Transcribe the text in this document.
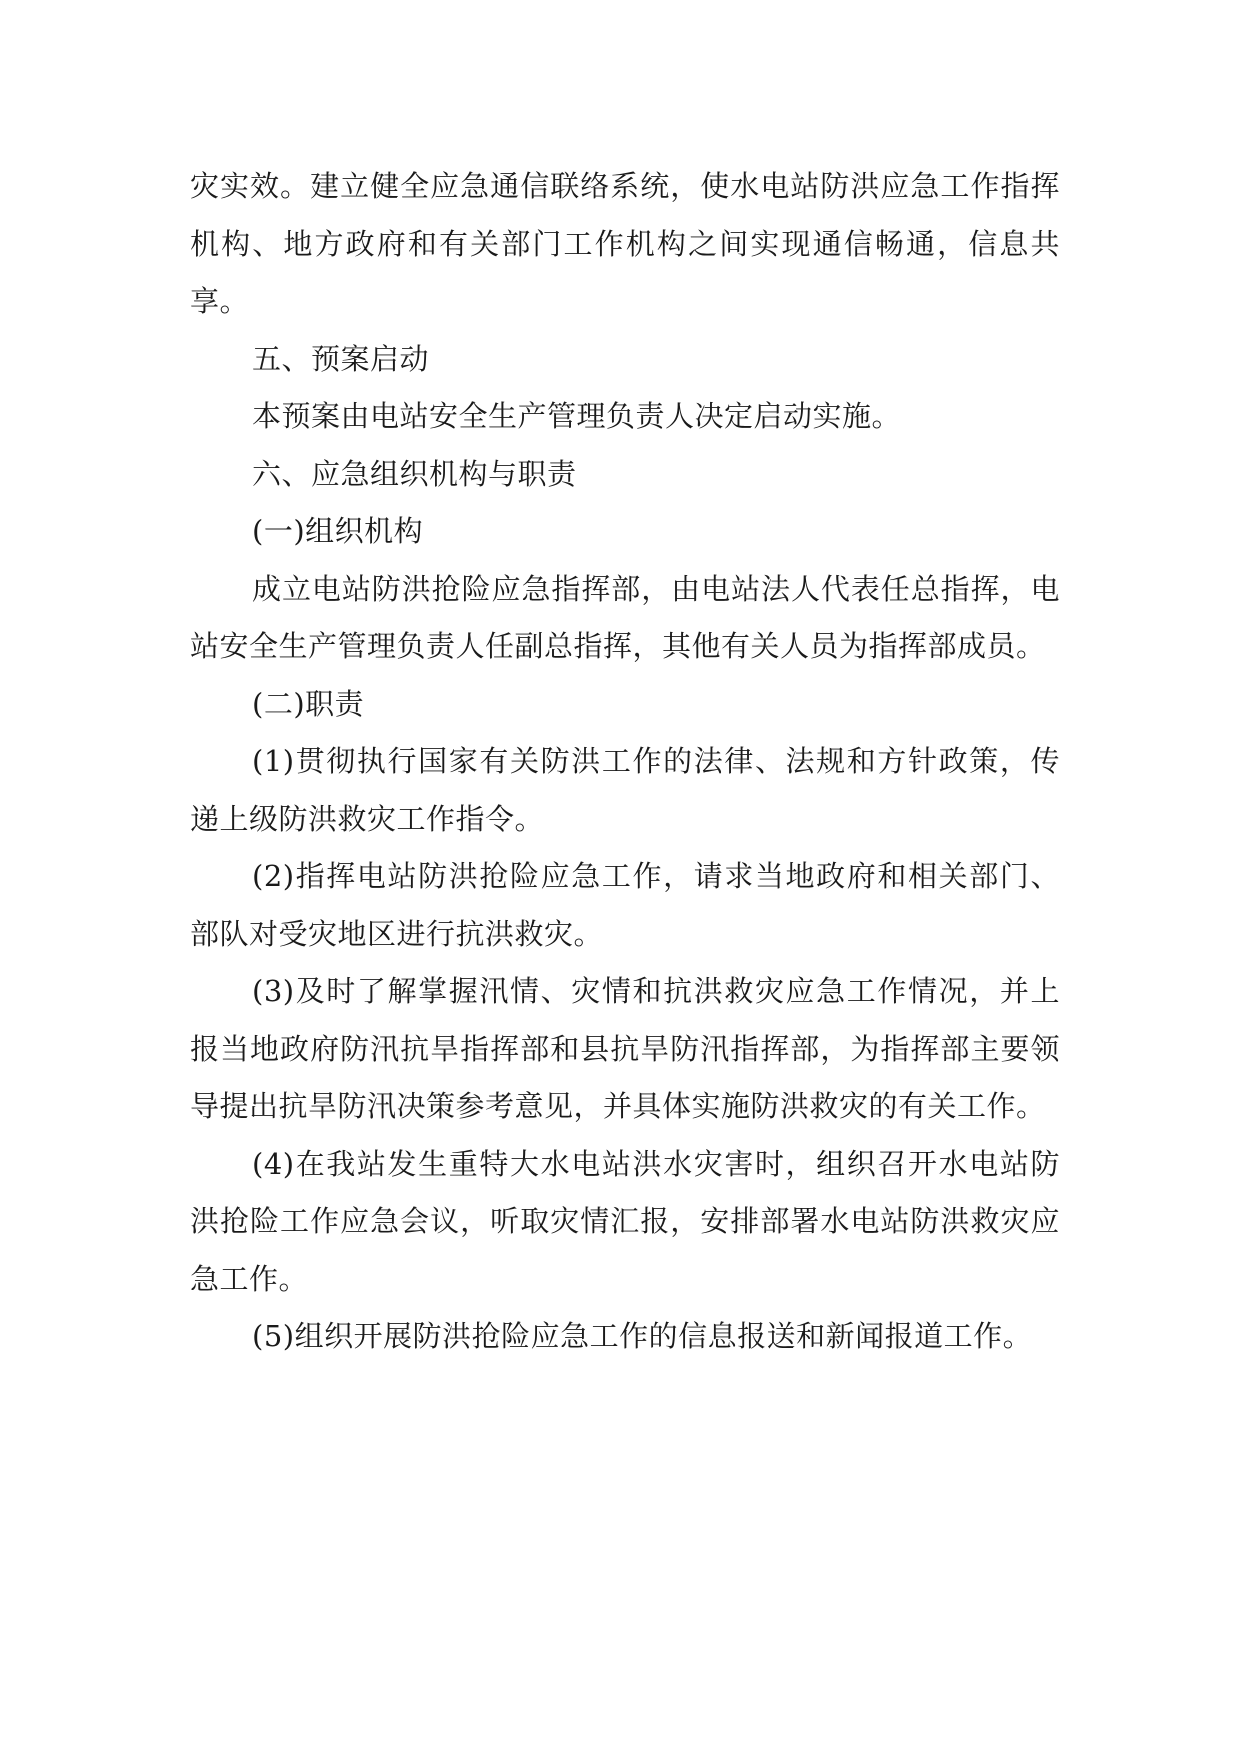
灾实效。建立健全应急通信联络系统，使水电站防洪应急工作指挥机构、地方政府和有关部门工作机构之间实现通信畅通，信息共享。

五、预案启动

本预案由电站安全生产管理负责人决定启动实施。

六、应急组织机构与职责

(一)组织机构

成立电站防洪抢险应急指挥部，由电站法人代表任总指挥，电站安全生产管理负责人任副总指挥，其他有关人员为指挥部成员。

(二)职责

(1)贯彻执行国家有关防洪工作的法律、法规和方针政策，传递上级防洪救灾工作指令。

(2)指挥电站防洪抢险应急工作，请求当地政府和相关部门、部队对受灾地区进行抗洪救灾。

(3)及时了解掌握汛情、灾情和抗洪救灾应急工作情况，并上报当地政府防汛抗旱指挥部和县抗旱防汛指挥部，为指挥部主要领导提出抗旱防汛决策参考意见，并具体实施防洪救灾的有关工作。

(4)在我站发生重特大水电站洪水灾害时，组织召开水电站防洪抢险工作应急会议，听取灾情汇报，安排部署水电站防洪救灾应急工作。

(5)组织开展防洪抢险应急工作的信息报送和新闻报道工作。
